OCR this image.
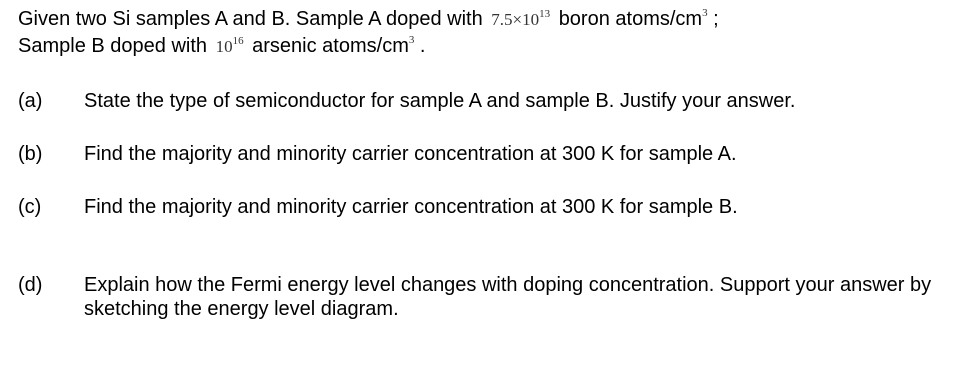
Given two Si samples A and B. Sample A doped with $7.5\times 10^{13}$ boron atoms/$cm^3$ ;
Sample B doped with $10^{16}$ arsenic atoms/$cm^3$ .
(a)	State the type of semiconductor for sample A and sample B. Justify your answer.
(b)	Find the majority and minority carrier concentration at 300 K for sample A.
(c)	Find the majority and minority carrier concentration at 300 K for sample B.
(d)	Explain how the Fermi energy level changes with doping concentration. Support your answer by sketching the energy level diagram.
